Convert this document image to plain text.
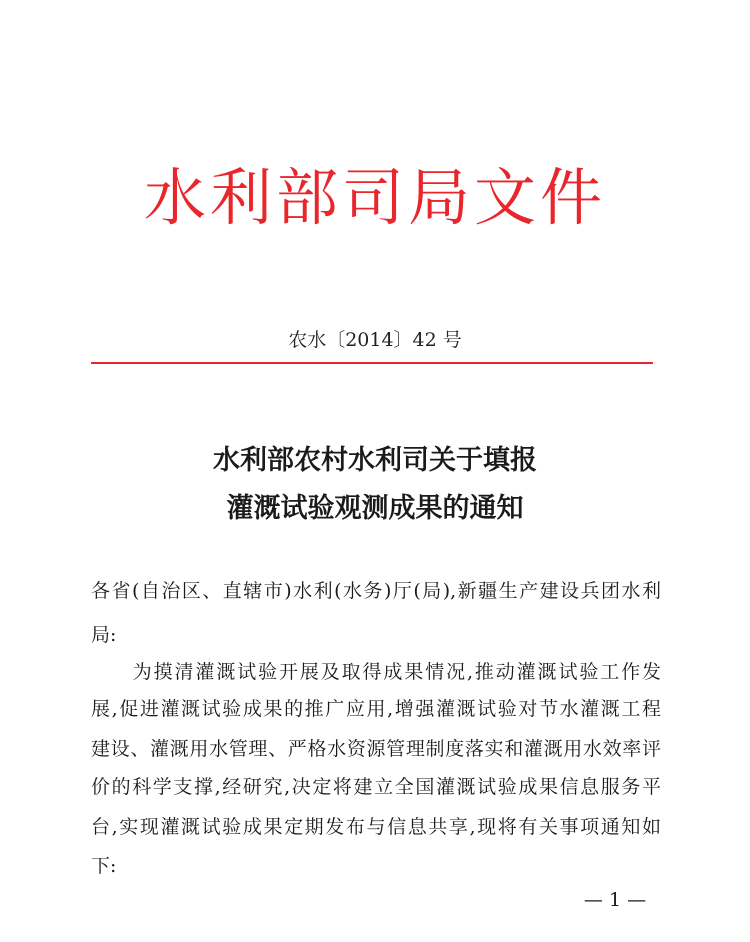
水利部司局文件
农水〔2014〕42 号
水利部农村水利司关于填报
灌溉试验观测成果的通知
各省(自治区、直辖市)水利(水务)厅(局),新疆生产建设兵团水利
局:
　　为摸清灌溉试验开展及取得成果情况,推动灌溉试验工作发
展,促进灌溉试验成果的推广应用,增强灌溉试验对节水灌溉工程
建设、灌溉用水管理、严格水资源管理制度落实和灌溉用水效率评
价的科学支撑,经研究,决定将建立全国灌溉试验成果信息服务平
台,实现灌溉试验成果定期发布与信息共享,现将有关事项通知如
下:
— 1 —
